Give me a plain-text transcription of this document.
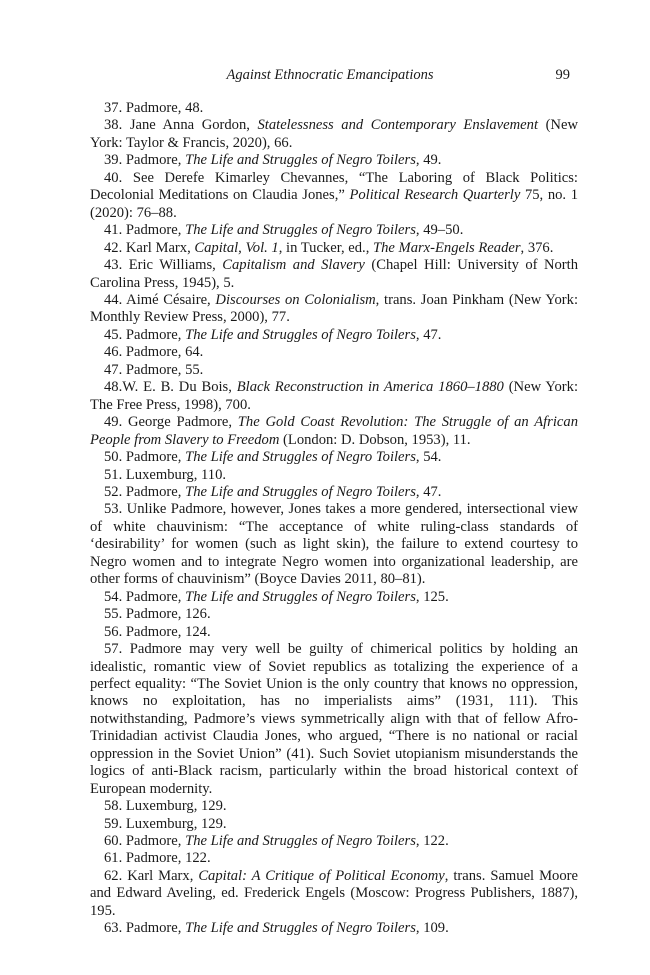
Against Ethnocratic Emancipations	99

37. Padmore, 48.

38. Jane Anna Gordon, Statelessness and Contemporary Enslavement (New York: Taylor & Francis, 2020), 66.

39. Padmore, The Life and Struggles of Negro Toilers, 49.

40. See Derefe Kimarley Chevannes, “The Laboring of Black Politics: Decolonial Meditations on Claudia Jones,” Political Research Quarterly 75, no. 1 (2020): 76–88.

41. Padmore, The Life and Struggles of Negro Toilers, 49–50.

42. Karl Marx, Capital, Vol. 1, in Tucker, ed., The Marx-Engels Reader, 376.

43. Eric Williams, Capitalism and Slavery (Chapel Hill: University of North Carolina Press, 1945), 5.

44. Aimé Césaire, Discourses on Colonialism, trans. Joan Pinkham (New York: Monthly Review Press, 2000), 77.

45. Padmore, The Life and Struggles of Negro Toilers, 47.

46. Padmore, 64.

47. Padmore, 55.

48.W. E. B. Du Bois, Black Reconstruction in America 1860–1880 (New York: The Free Press, 1998), 700.

49. George Padmore, The Gold Coast Revolution: The Struggle of an African People from Slavery to Freedom (London: D. Dobson, 1953), 11.

50. Padmore, The Life and Struggles of Negro Toilers, 54.

51. Luxemburg, 110.

52. Padmore, The Life and Struggles of Negro Toilers, 47.

53. Unlike Padmore, however, Jones takes a more gendered, intersectional view of white chauvinism: “The acceptance of white ruling-class standards of ‘desirability’ for women (such as light skin), the failure to extend courtesy to Negro women and to integrate Negro women into organizational leadership, are other forms of chauvinism” (Boyce Davies 2011, 80–81).

54. Padmore, The Life and Struggles of Negro Toilers, 125.

55. Padmore, 126.

56. Padmore, 124.

57. Padmore may very well be guilty of chimerical politics by holding an idealistic, romantic view of Soviet republics as totalizing the experience of a perfect equality: “The Soviet Union is the only country that knows no oppression, knows no exploitation, has no imperialists aims” (1931, 111). This notwithstanding, Padmore’s views symmetrically align with that of fellow Afro-Trinidadian activist Claudia Jones, who argued, “There is no national or racial oppression in the Soviet Union” (41). Such Soviet utopianism misunderstands the logics of anti-Black racism, particularly within the broad historical context of European modernity.

58. Luxemburg, 129.

59. Luxemburg, 129.

60. Padmore, The Life and Struggles of Negro Toilers, 122.

61. Padmore, 122.

62. Karl Marx, Capital: A Critique of Political Economy, trans. Samuel Moore and Edward Aveling, ed. Frederick Engels (Moscow: Progress Publishers, 1887), 195.

63. Padmore, The Life and Struggles of Negro Toilers, 109.
